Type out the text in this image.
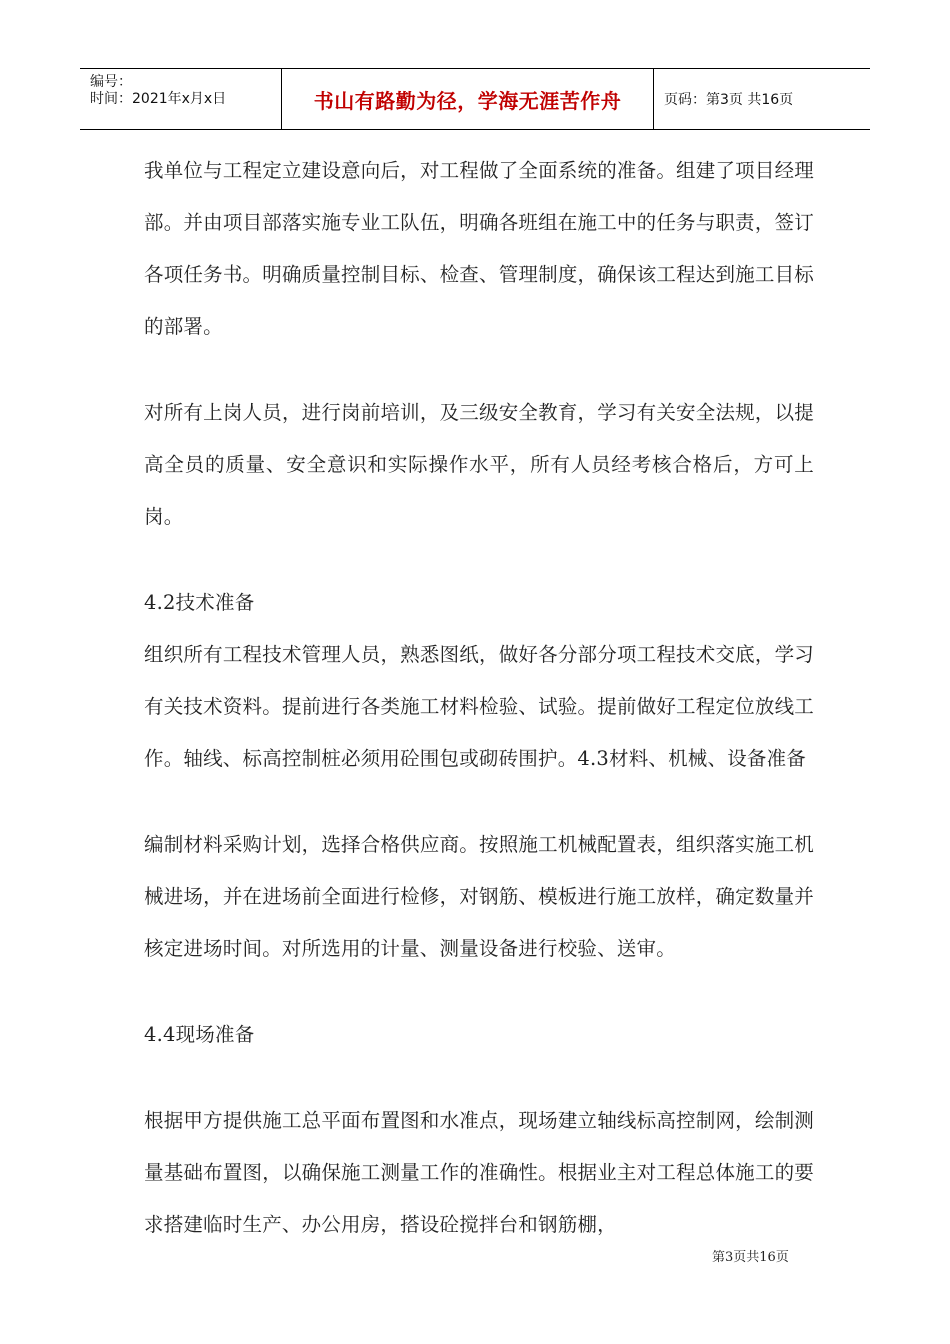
编号：
时间：2021年x月x日	书山有路勤为径，学海无涯苦作舟	页码：第3页 共16页

我单位与工程定立建设意向后，对工程做了全面系统的准备。组建了项目经理部。并由项目部落实施专业工队伍，明确各班组在施工中的任务与职责，签订各项任务书。明确质量控制目标、检查、管理制度，确保该工程达到施工目标的部署。

对所有上岗人员，进行岗前培训，及三级安全教育，学习有关安全法规，以提高全员的质量、安全意识和实际操作水平，所有人员经考核合格后，方可上岗。

4.2技术准备

组织所有工程技术管理人员，熟悉图纸，做好各分部分项工程技术交底，学习有关技术资料。提前进行各类施工材料检验、试验。提前做好工程定位放线工作。轴线、标高控制桩必须用砼围包或砌砖围护。4.3材料、机械、设备准备

编制材料采购计划，选择合格供应商。按照施工机械配置表，组织落实施工机械进场，并在进场前全面进行检修，对钢筋、模板进行施工放样，确定数量并核定进场时间。对所选用的计量、测量设备进行校验、送审。

4.4现场准备

根据甲方提供施工总平面布置图和水准点，现场建立轴线标高控制网，绘制测量基础布置图，以确保施工测量工作的准确性。根据业主对工程总体施工的要求搭建临时生产、办公用房，搭设砼搅拌台和钢筋棚，

第3页共16页
